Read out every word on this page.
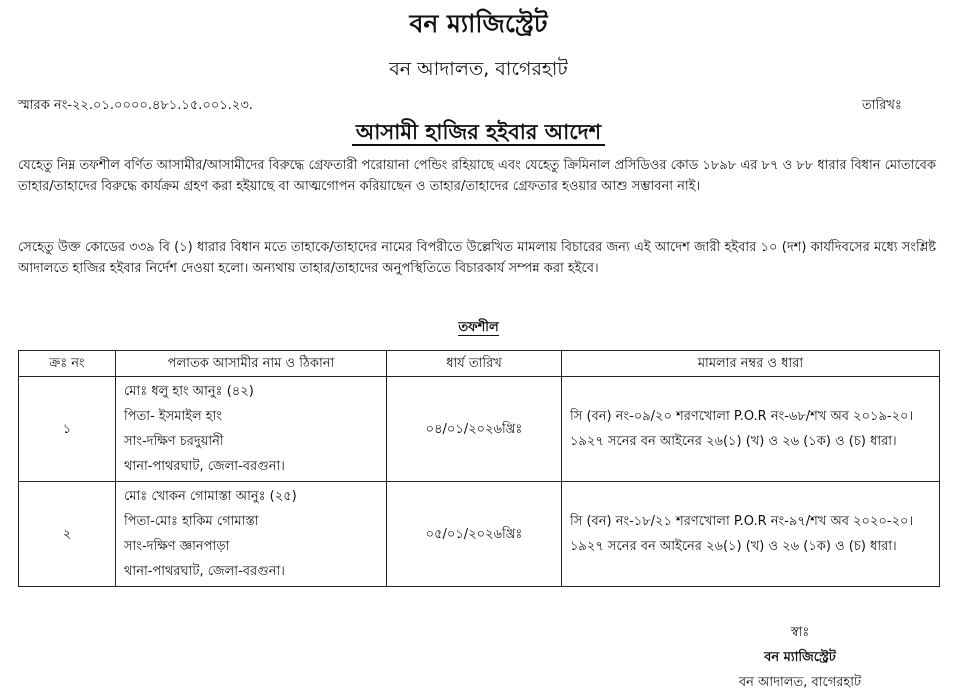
বন ম্যাজিস্ট্রেট
বন আদালত, বাগেরহাট
স্মারক নং-২২.০১.০০০০.৪৮১.১৫.০০১.২৩.	তারিখঃ
আসামী হাজির হইবার আদেশ
যেহেতু নিম্ন তফশীল বর্ণিত আসামীর/আসামীদের বিরুদ্ধে গ্রেফতারী পরোয়ানা পেন্ডিং রহিয়াছে এবং যেহেতু ক্রিমিনাল প্রসিডিওর কোড ১৮৯৮ এর ৮৭ ও ৮৮ ধারার বিধান মোতাবেক তাহার/তাহাদের বিরুদ্ধে কার্যক্রম গ্রহণ করা হইয়াছে বা আত্মগোপন করিয়াছেন ও তাহার/তাহাদের গ্রেফতার হওয়ার আশু সম্ভাবনা নাই।
সেহেতু উক্ত কোডের ৩৩৯ বি (১) ধারার বিধান মতে তাহাকে/তাহাদের নামের বিপরীতে উল্লেখিত মামলায় বিচারের জন্য এই আদেশ জারী হইবার ১০ (দশ) কার্যদিবসের মধ্যে সংশ্লিষ্ট আদালতে হাজির হইবার নির্দেশ দেওয়া হলো। অন্যথায় তাহার/তাহাদের অনুপস্থিতিতে বিচারকার্য সম্পন্ন করা হইবে।
তফশীল
ক্রঃ নং	পলাতক আসামীর নাম ও ঠিকানা	ধার্য তারিখ	মামলার নম্বর ও ধারা
১	মোঃ ধলু হাং আনুঃ (৪২)
পিতা- ইসমাইল হাং
সাং-দক্ষিণ চরদুয়ানী
থানা-পাথরঘাট, জেলা-বরগুনা।	০৪/০১/২০২৬খ্রিঃ	সি (বন) নং-০৯/২০ শরণখোলা P.O.R নং-৬৮/শখ অব ২০১৯-২০।
১৯২৭ সনের বন আইনের ২৬(১) (খ) ও ২৬ (১ক) ও (চ) ধারা।

২	মোঃ খোকন গোমাস্তা আনুঃ (২৫)
পিতা-মোঃ হাকিম গোমাস্তা
সাং-দক্ষিণ জ্ঞানপাড়া
থানা-পাথরঘাট, জেলা-বরগুনা।	০৫/০১/২০২৬খ্রিঃ	সি (বন) নং-১৮/২১ শরণখোলা P.O.R নং-৯৭/শখ অব ২০২০-২০।
১৯২৭ সনের বন আইনের ২৬(১) (খ) ও ২৬ (১ক) ও (চ) ধারা।
স্বাঃ
বন ম্যাজিস্ট্রেট
বন আদালত, বাগেরহাট
